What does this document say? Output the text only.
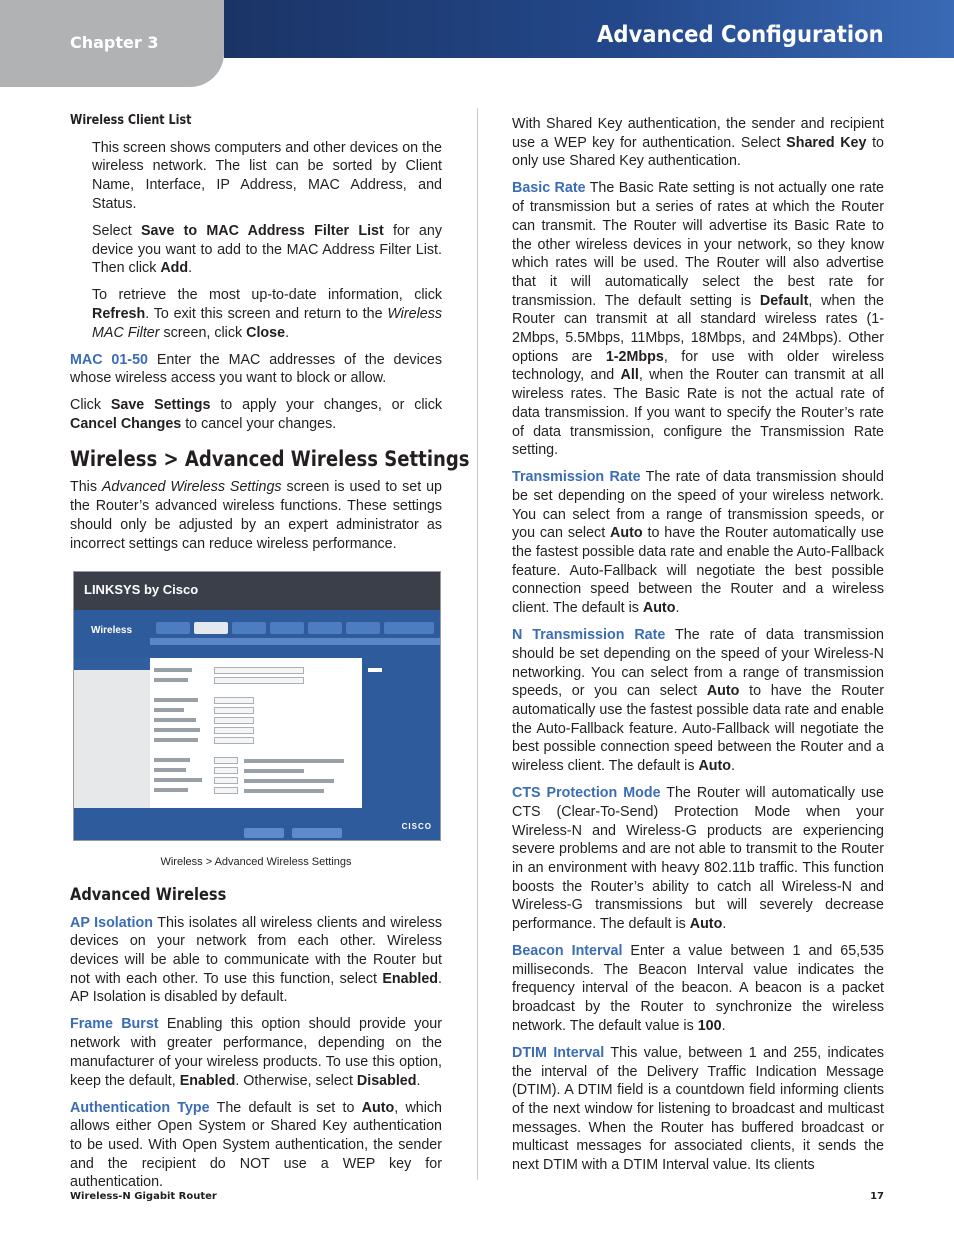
Chapter 3	Advanced Configuration
Wireless Client List

This screen shows computers and other devices on the wireless network. The list can be sorted by Client Name, Interface, IP Address, MAC Address, and Status.

Select Save to MAC Address Filter List for any device you want to add to the MAC Address Filter List. Then click Add.

To retrieve the most up-to-date information, click Refresh. To exit this screen and return to the Wireless MAC Filter screen, click Close.

MAC 01-50 Enter the MAC addresses of the devices whose wireless access you want to block or allow.

Click Save Settings to apply your changes, or click Cancel Changes to cancel your changes.

Wireless > Advanced Wireless Settings

This Advanced Wireless Settings screen is used to set up the Router’s advanced wireless functions. These settings should only be adjusted by an expert administrator as incorrect settings can reduce wireless performance.

LINKSYS by Cisco
Wireless
CISCO
Wireless > Advanced Wireless Settings
Advanced Wireless

AP Isolation This isolates all wireless clients and wireless devices on your network from each other. Wireless devices will be able to communicate with the Router but not with each other. To use this function, select Enabled. AP Isolation is disabled by default.

Frame Burst Enabling this option should provide your network with greater performance, depending on the manufacturer of your wireless products. To use this option, keep the default, Enabled. Otherwise, select Disabled.

Authentication Type The default is set to Auto, which allows either Open System or Shared Key authentication to be used. With Open System authentication, the sender and the recipient do NOT use a WEP key for authentication.

With Shared Key authentication, the sender and recipient use a WEP key for authentication. Select Shared Key to only use Shared Key authentication.

Basic Rate The Basic Rate setting is not actually one rate of transmission but a series of rates at which the Router can transmit. The Router will advertise its Basic Rate to the other wireless devices in your network, so they know which rates will be used. The Router will also advertise that it will automatically select the best rate for transmission. The default setting is Default, when the Router can transmit at all standard wireless rates (1-2Mbps, 5.5Mbps, 11Mbps, 18Mbps, and 24Mbps). Other options are 1-2Mbps, for use with older wireless technology, and All, when the Router can transmit at all wireless rates. The Basic Rate is not the actual rate of data transmission. If you want to specify the Router’s rate of data transmission, configure the Transmission Rate setting.

Transmission Rate The rate of data transmission should be set depending on the speed of your wireless network. You can select from a range of transmission speeds, or you can select Auto to have the Router automatically use the fastest possible data rate and enable the Auto-Fallback feature. Auto-Fallback will negotiate the best possible connection speed between the Router and a wireless client. The default is Auto.

N Transmission Rate The rate of data transmission should be set depending on the speed of your Wireless-N networking. You can select from a range of transmission speeds, or you can select Auto to have the Router automatically use the fastest possible data rate and enable the Auto-Fallback feature. Auto-Fallback will negotiate the best possible connection speed between the Router and a wireless client. The default is Auto.

CTS Protection Mode The Router will automatically use CTS (Clear-To-Send) Protection Mode when your Wireless-N and Wireless-G products are experiencing severe problems and are not able to transmit to the Router in an environment with heavy 802.11b traffic. This function boosts the Router’s ability to catch all Wireless-N and Wireless-G transmissions but will severely decrease performance. The default is Auto.

Beacon Interval Enter a value between 1 and 65,535 milliseconds. The Beacon Interval value indicates the frequency interval of the beacon. A beacon is a packet broadcast by the Router to synchronize the wireless network. The default value is 100.

DTIM Interval This value, between 1 and 255, indicates the interval of the Delivery Traffic Indication Message (DTIM). A DTIM field is a countdown field informing clients of the next window for listening to broadcast and multicast messages. When the Router has buffered broadcast or multicast messages for associated clients, it sends the next DTIM with a DTIM Interval value. Its clients

Wireless-N Gigabit Router	17
